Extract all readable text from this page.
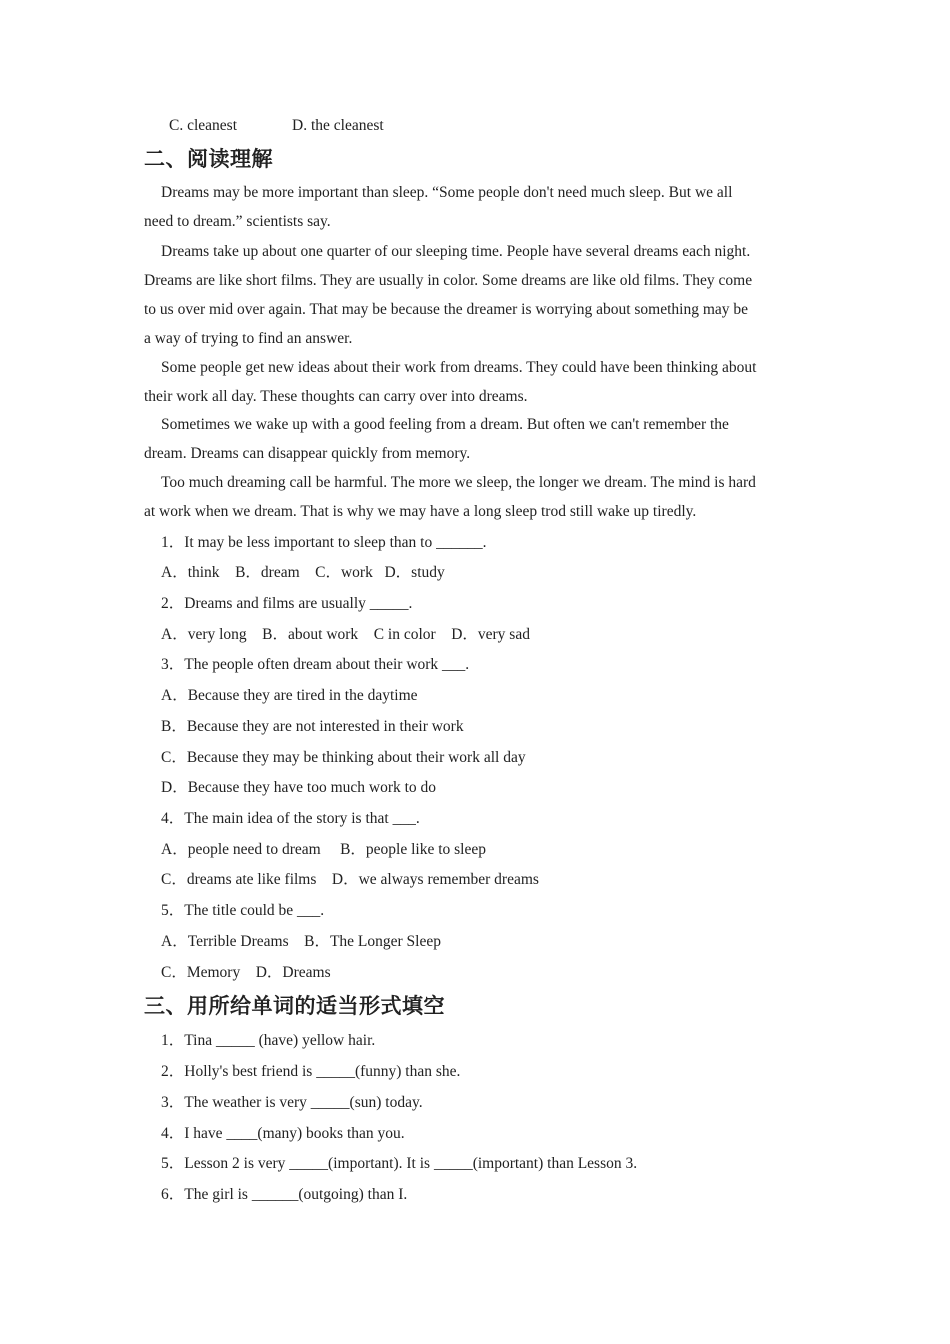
C. cleanest	D. the cleanest
二、阅读理解
Dreams may be more important than sleep. “Some people don't need much sleep. But we all
need to dream.” scientists say.
Dreams take up about one quarter of our sleeping time. People have several dreams each night.
Dreams are like short films. They are usually in color. Some dreams are like old films. They come
to us over mid over again. That may be because the dreamer is worrying about something may be
a way of trying to find an answer.
Some people get new ideas about their work from dreams. They could have been thinking about
their work all day. These thoughts can carry over into dreams.
Sometimes we wake up with a good feeling from a dream. But often we can't remember the
dream. Dreams can disappear quickly from memory.
Too much dreaming call be harmful. The more we sleep, the longer we dream. The mind is hard
at work when we dream. That is why we may have a long sleep trod still wake up tiredly.
1．It may be less important to sleep than to ______.
A．think B．dream C．work D．study
2．Dreams and films are usually _____.
A．very long B．about work C in color D．very sad
3．The people often dream about their work ___.
A．Because they are tired in the daytime
B．Because they are not interested in their work
C．Because they may be thinking about their work all day
D．Because they have too much work to do
4．The main idea of the story is that ___.
A．people need to dream B．people like to sleep
C．dreams ate like films D．we always remember dreams
5．The title could be ___.
A．Terrible Dreams B．The Longer Sleep
C．Memory D．Dreams
三、用所给单词的适当形式填空
1．Tina _____ (have) yellow hair.
2．Holly's best friend is _____(funny) than she.
3．The weather is very _____(sun) today.
4．I have ____(many) books than you.
5．Lesson 2 is very _____(important). It is _____(important) than Lesson 3.
6．The girl is ______(outgoing) than I.
